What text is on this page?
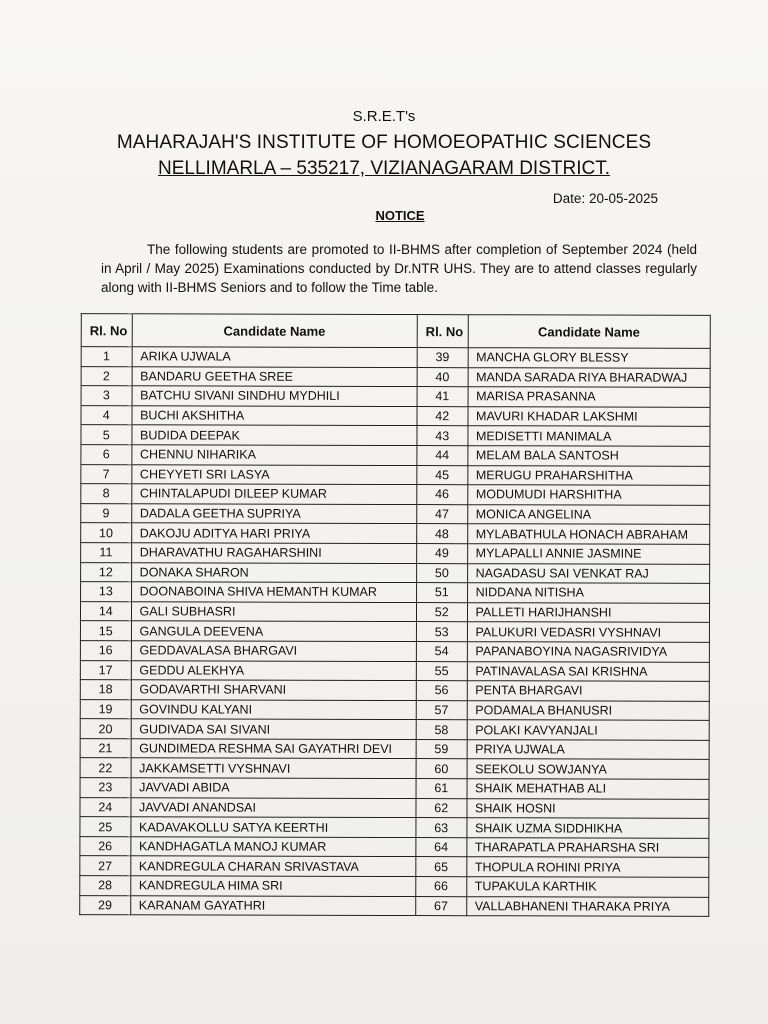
S.R.E.T's
MAHARAJAH'S INSTITUTE OF HOMOEOPATHIC SCIENCES
NELLIMARLA – 535217, VIZIANAGARAM DISTRICT.
Date: 20-05-2025
NOTICE
The following students are promoted to II-BHMS after completion of September 2024 (held in April / May 2025) Examinations conducted by Dr.NTR UHS. They are to attend classes regularly along with II-BHMS Seniors and to follow the Time table.
Rl. No	Candidate Name	Rl. No	Candidate Name
1	ARIKA UJWALA	39	MANCHA GLORY BLESSY
2	BANDARU GEETHA SREE	40	MANDA SARADA RIYA BHARADWAJ
3	BATCHU SIVANI SINDHU MYDHILI	41	MARISA PRASANNA
4	BUCHI AKSHITHA	42	MAVURI KHADAR LAKSHMI
5	BUDIDA DEEPAK	43	MEDISETTI MANIMALA
6	CHENNU NIHARIKA	44	MELAM BALA SANTOSH
7	CHEYYETI SRI LASYA	45	MERUGU PRAHARSHITHA
8	CHINTALAPUDI DILEEP KUMAR	46	MODUMUDI HARSHITHA
9	DADALA GEETHA SUPRIYA	47	MONICA ANGELINA
10	DAKOJU ADITYA HARI PRIYA	48	MYLABATHULA HONACH ABRAHAM
11	DHARAVATHU RAGAHARSHINI	49	MYLAPALLI ANNIE JASMINE
12	DONAKA SHARON	50	NAGADASU SAI VENKAT RAJ
13	DOONABOINA SHIVA HEMANTH KUMAR	51	NIDDANA NITISHA
14	GALI SUBHASRI	52	PALLETI HARIJHANSHI
15	GANGULA DEEVENA	53	PALUKURI VEDASRI VYSHNAVI
16	GEDDAVALASA BHARGAVI	54	PAPANABOYINA NAGASRIVIDYA
17	GEDDU ALEKHYA	55	PATINAVALASA SAI KRISHNA
18	GODAVARTHI SHARVANI	56	PENTA BHARGAVI
19	GOVINDU KALYANI	57	PODAMALA BHANUSRI
20	GUDIVADA SAI SIVANI	58	POLAKI KAVYANJALI
21	GUNDIMEDA RESHMA SAI GAYATHRI DEVI	59	PRIYA UJWALA
22	JAKKAMSETTI VYSHNAVI	60	SEEKOLU SOWJANYA
23	JAVVADI ABIDA	61	SHAIK MEHATHAB ALI
24	JAVVADI ANANDSAI	62	SHAIK HOSNI
25	KADAVAKOLLU SATYA KEERTHI	63	SHAIK UZMA SIDDHIKHA
26	KANDHAGATLA MANOJ KUMAR	64	THARAPATLA PRAHARSHA SRI
27	KANDREGULA CHARAN SRIVASTAVA	65	THOPULA ROHINI PRIYA
28	KANDREGULA HIMA SRI	66	TUPAKULA KARTHIK
29	KARANAM GAYATHRI	67	VALLABHANENI THARAKA PRIYA
